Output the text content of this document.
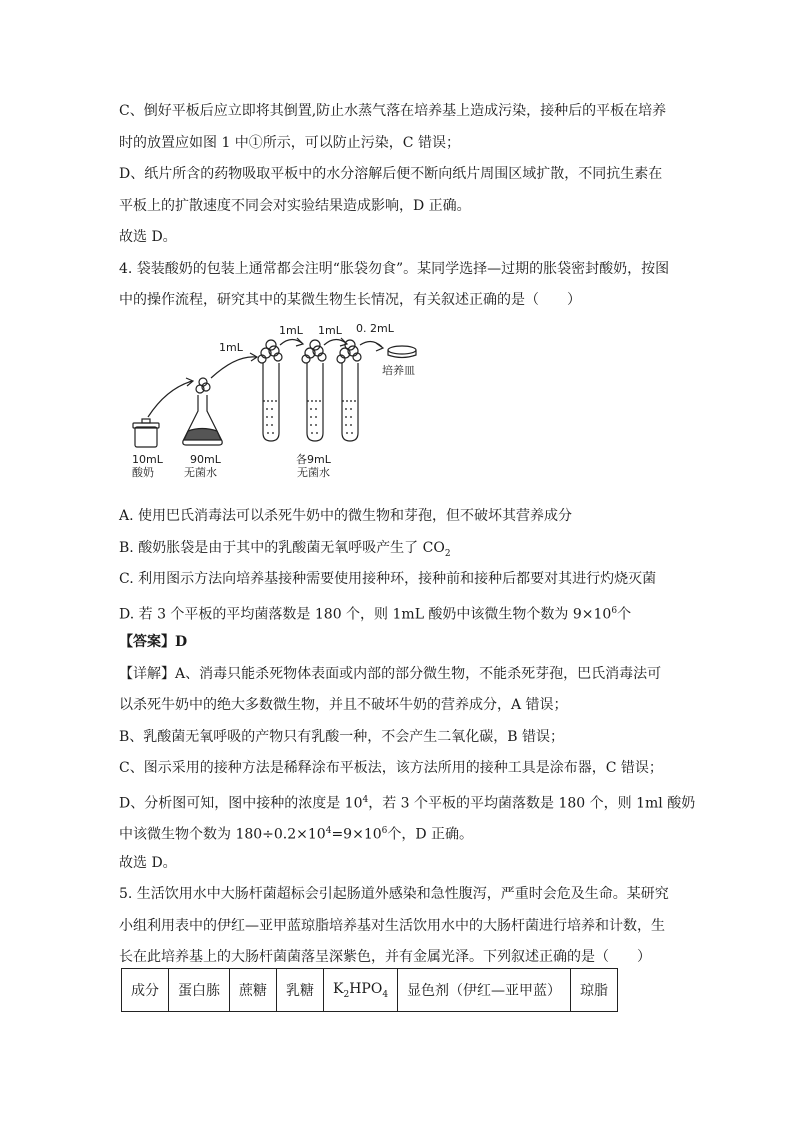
C、倒好平板后应立即将其倒置,防止水蒸气落在培养基上造成污染，接种后的平板在培养
时的放置应如图 1 中①所示，可以防止污染，C 错误；
D、纸片所含的药物吸取平板中的水分溶解后便不断向纸片周围区域扩散，不同抗生素在
平板上的扩散速度不同会对实验结果造成影响，D 正确。
故选 D。
4. 袋装酸奶的包装上通常都会注明“胀袋勿食”。某同学选择—过期的胀袋密封酸奶，按图
中的操作流程，研究其中的某微生物生长情况，有关叙述正确的是（　　）
1mL
1mL 1mL 0. 2mL
培养皿
10mL
酸奶
90mL
无菌水
各9mL
无菌水
A. 使用巴氏消毒法可以杀死牛奶中的微生物和芽孢，但不破坏其营养成分
B. 酸奶胀袋是由于其中的乳酸菌无氧呼吸产生了 $CO_2$
C. 利用图示方法向培养基接种需要使用接种环，接种前和接种后都要对其进行灼烧灭菌
D. 若 3 个平板的平均菌落数是 180 个，则 1mL 酸奶中该微生物个数为 $9\times 10^6$个
【答案】D
【详解】A、消毒只能杀死物体表面或内部的部分微生物，不能杀死芽孢，巴氏消毒法可
以杀死牛奶中的绝大多数微生物，并且不破坏牛奶的营养成分，A 错误；
B、乳酸菌无氧呼吸的产物只有乳酸一种，不会产生二氧化碳，B 错误；
C、图示采用的接种方法是稀释涂布平板法，该方法所用的接种工具是涂布器，C 错误；
D、分析图可知，图中接种的浓度是 $10^4$，若 3 个平板的平均菌落数是 180 个，则 1ml 酸奶
中该微生物个数为 $180\div 0.2\times 10^4=9\times 10^6$个，D 正确。
故选 D。
5. 生活饮用水中大肠杆菌超标会引起肠道外感染和急性腹泻，严重时会危及生命。某研究
小组利用表中的伊红—亚甲蓝琼脂培养基对生活饮用水中的大肠杆菌进行培养和计数，生
长在此培养基上的大肠杆菌菌落呈深紫色，并有金属光泽。下列叙述正确的是（　　）
成分	蛋白胨	蔗糖	乳糖	$K_2HPO_4$	显色剂（伊红—亚甲蓝）	琼脂
